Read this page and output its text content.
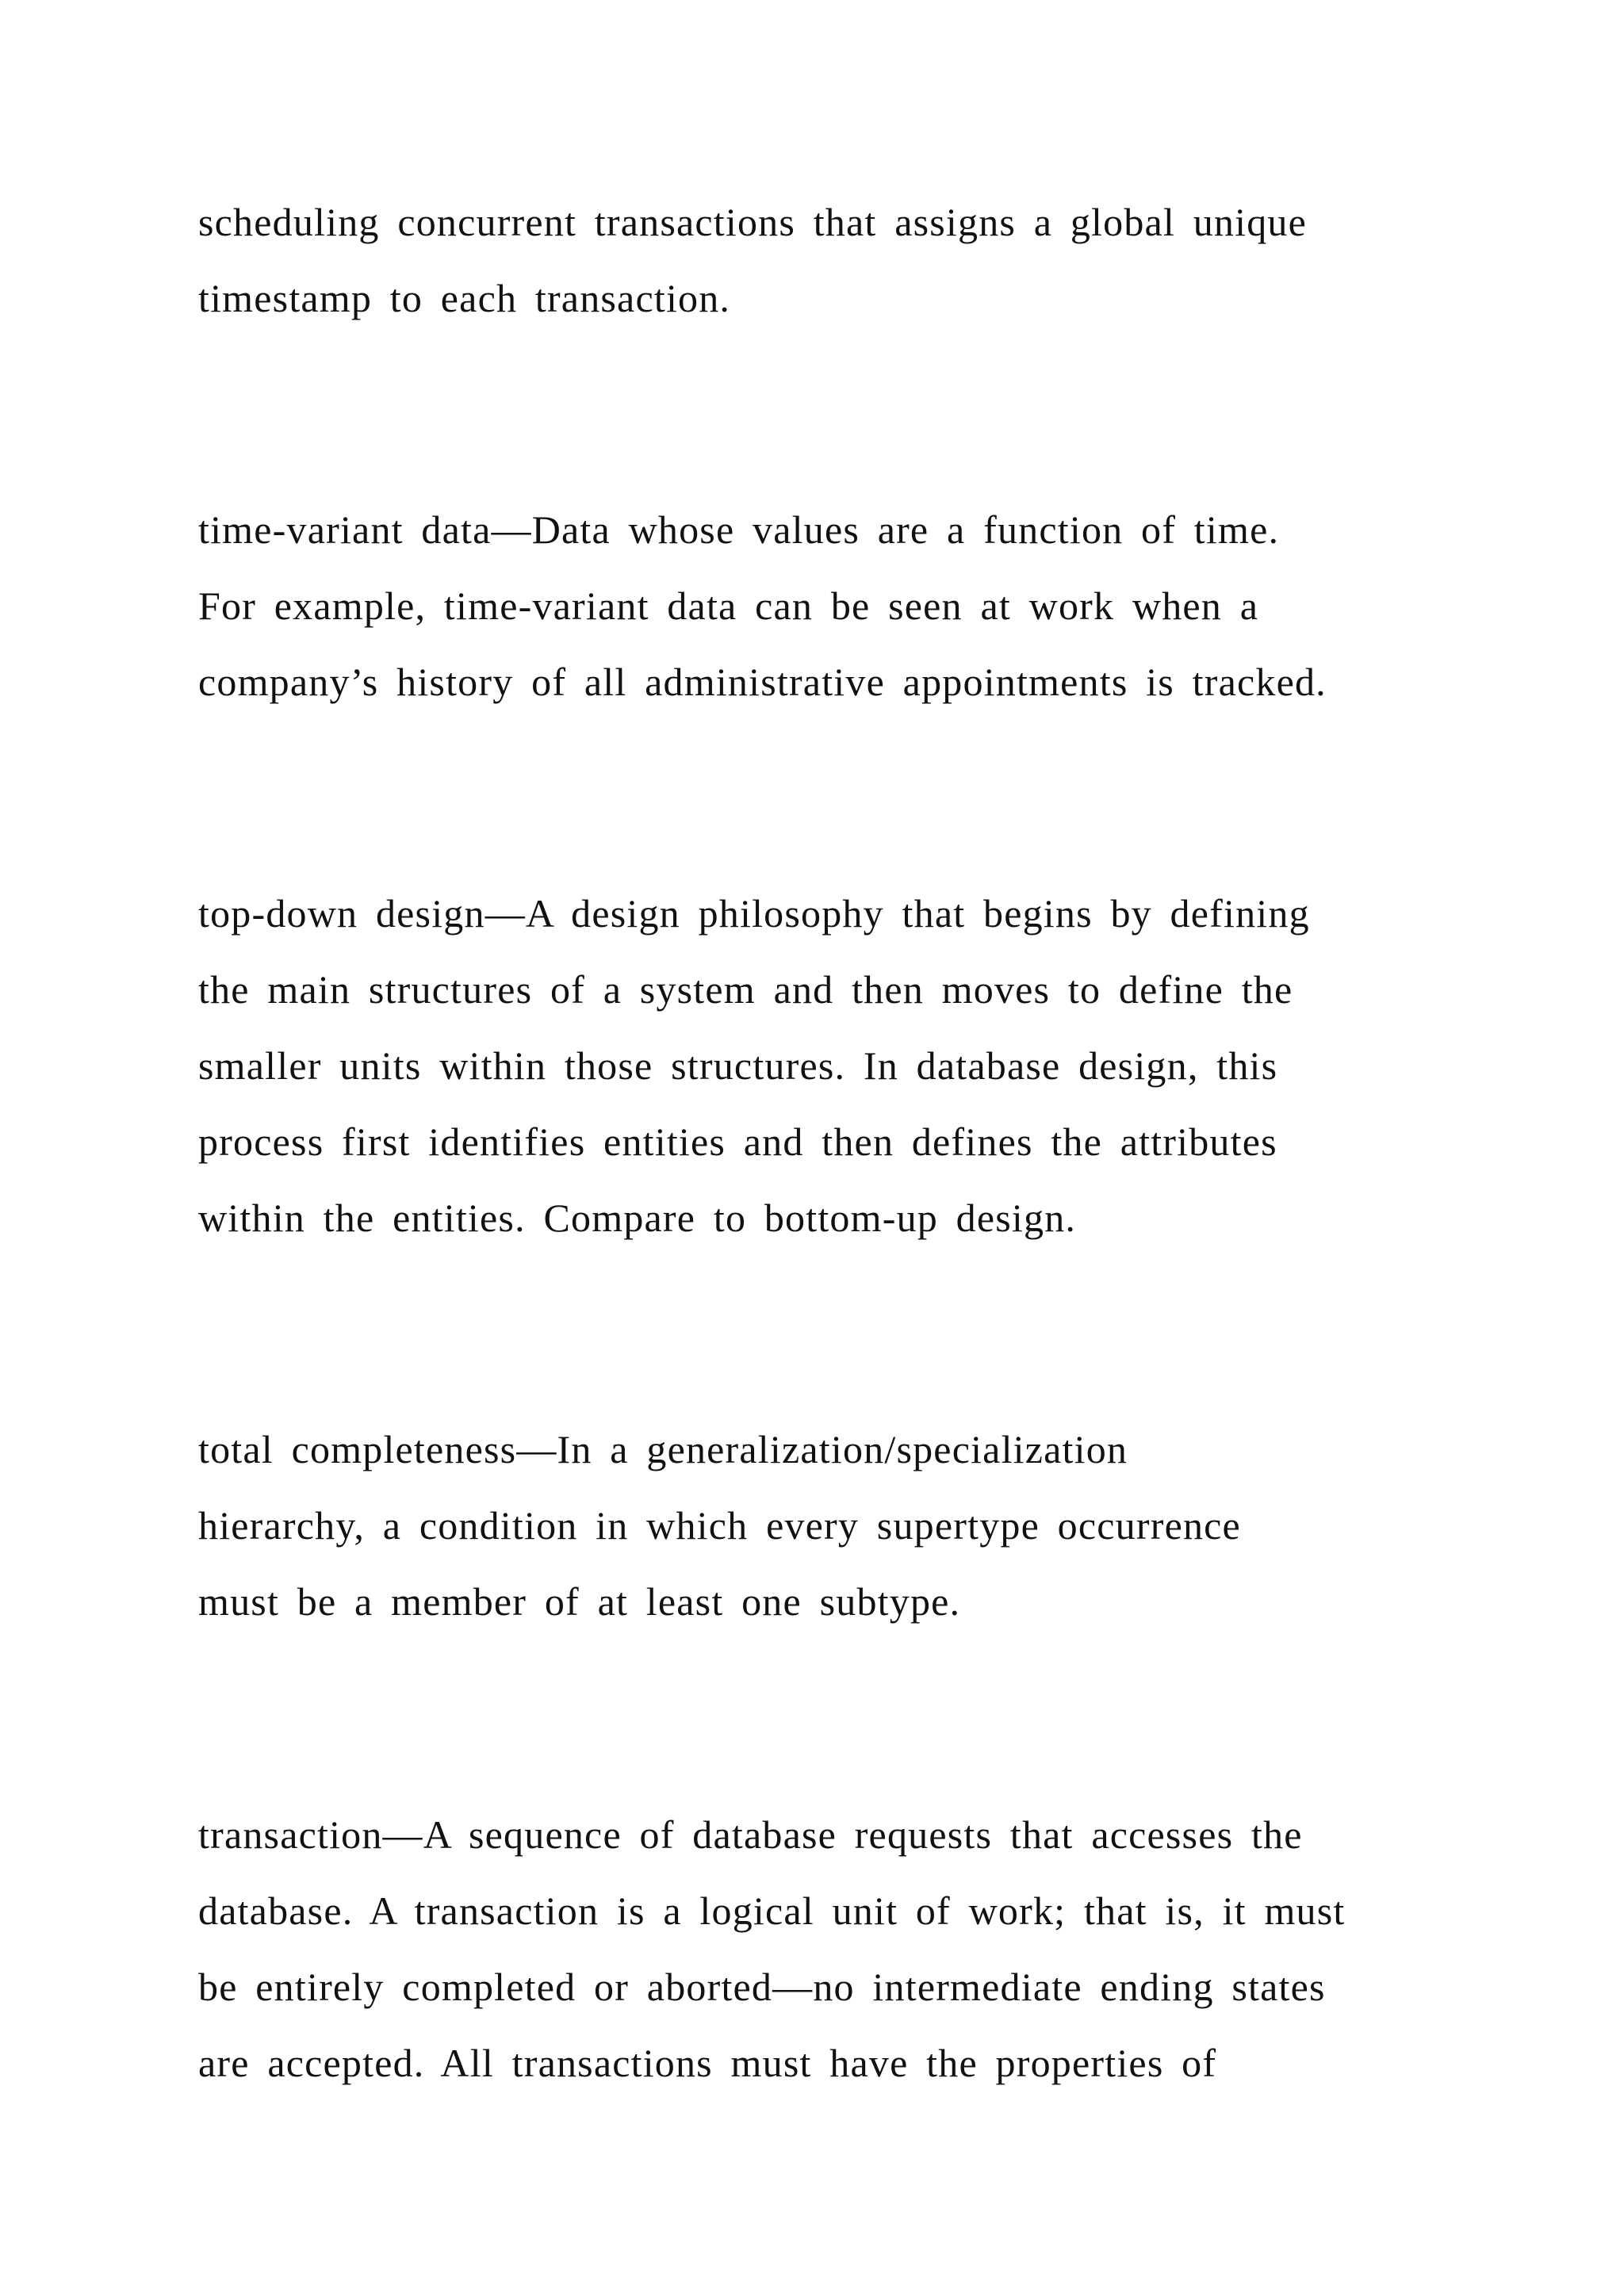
scheduling concurrent transactions that assigns a global unique
timestamp to each transaction.
time-variant data—Data whose values are a function of time.
For example, time-variant data can be seen at work when a
company’s history of all administrative appointments is tracked.
top-down design—A design philosophy that begins by defining
the main structures of a system and then moves to define the
smaller units within those structures. In database design, this
process first identifies entities and then defines the attributes
within the entities. Compare to bottom-up design.
total completeness—In a generalization/specialization
hierarchy, a condition in which every supertype occurrence
must be a member of at least one subtype.
transaction—A sequence of database requests that accesses the
database. A transaction is a logical unit of work; that is, it must
be entirely completed or aborted—no intermediate ending states
are accepted. All transactions must have the properties of
